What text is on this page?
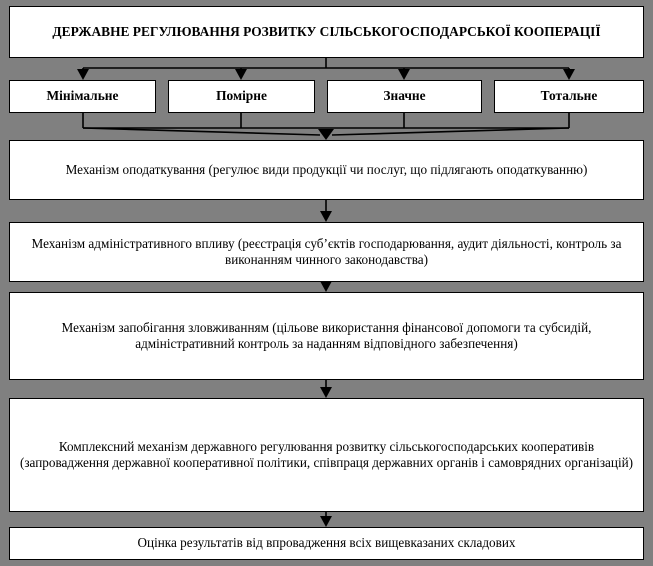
ДЕРЖАВНЕ РЕГУЛЮВАННЯ РОЗВИТКУ СІЛЬСЬКОГОСПОДАРСЬКОЇ КООПЕРАЦІЇ
Мінімальне	Помірне	Значне	Тотальне
Механізм оподаткування (регулює види продукції чи послуг, що підлягають оподаткуванню)
Механізм адміністративного впливу (реєстрація суб’єктів господарювання, аудит діяльності, контроль за виконанням чинного законодавства)
Механізм запобігання зловживанням (цільове використання фінансової допомоги та субсидій, адміністративний контроль за наданням відповідного забезпечення)
Комплексний механізм державного регулювання розвитку сільськогосподарських кооперативів (запровадження державної кооперативної політики, співпраця державних органів і самоврядних організацій)
Оцінка результатів від впровадження всіх вищевказаних складових
